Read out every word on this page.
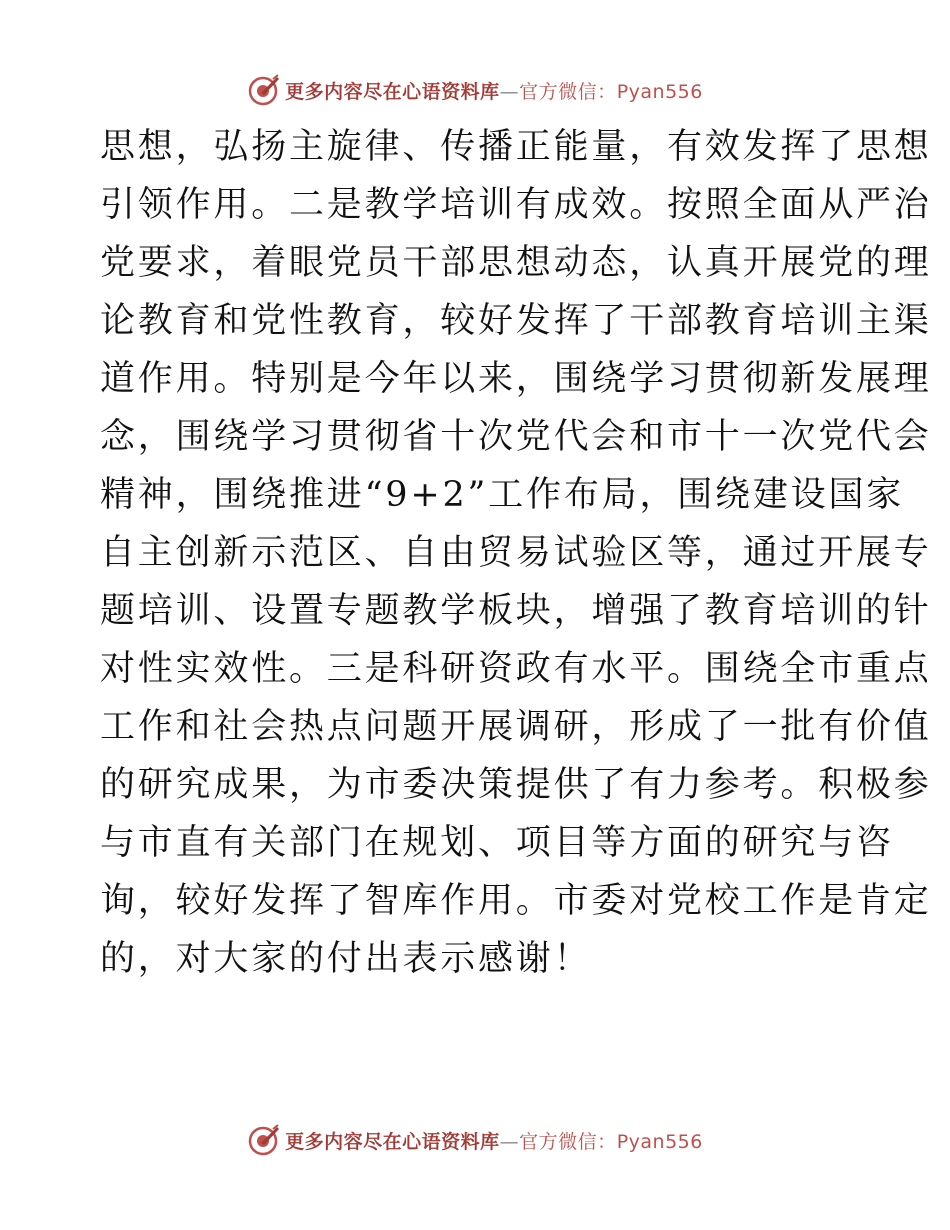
更多内容尽在心语资料库—官方微信：Pyan556
思想，弘扬主旋律、传播正能量，有效发挥了思想
引领作用。二是教学培训有成效。按照全面从严治
党要求，着眼党员干部思想动态，认真开展党的理
论教育和党性教育，较好发挥了干部教育培训主渠
道作用。特别是今年以来，围绕学习贯彻新发展理
念，围绕学习贯彻省十次党代会和市十一次党代会
精神，围绕推进“9+2”工作布局，围绕建设国家
自主创新示范区、自由贸易试验区等，通过开展专
题培训、设置专题教学板块，增强了教育培训的针
对性实效性。三是科研资政有水平。围绕全市重点
工作和社会热点问题开展调研，形成了一批有价值
的研究成果，为市委决策提供了有力参考。积极参
与市直有关部门在规划、项目等方面的研究与咨
询，较好发挥了智库作用。市委对党校工作是肯定
的，对大家的付出表示感谢！
更多内容尽在心语资料库—官方微信：Pyan556
